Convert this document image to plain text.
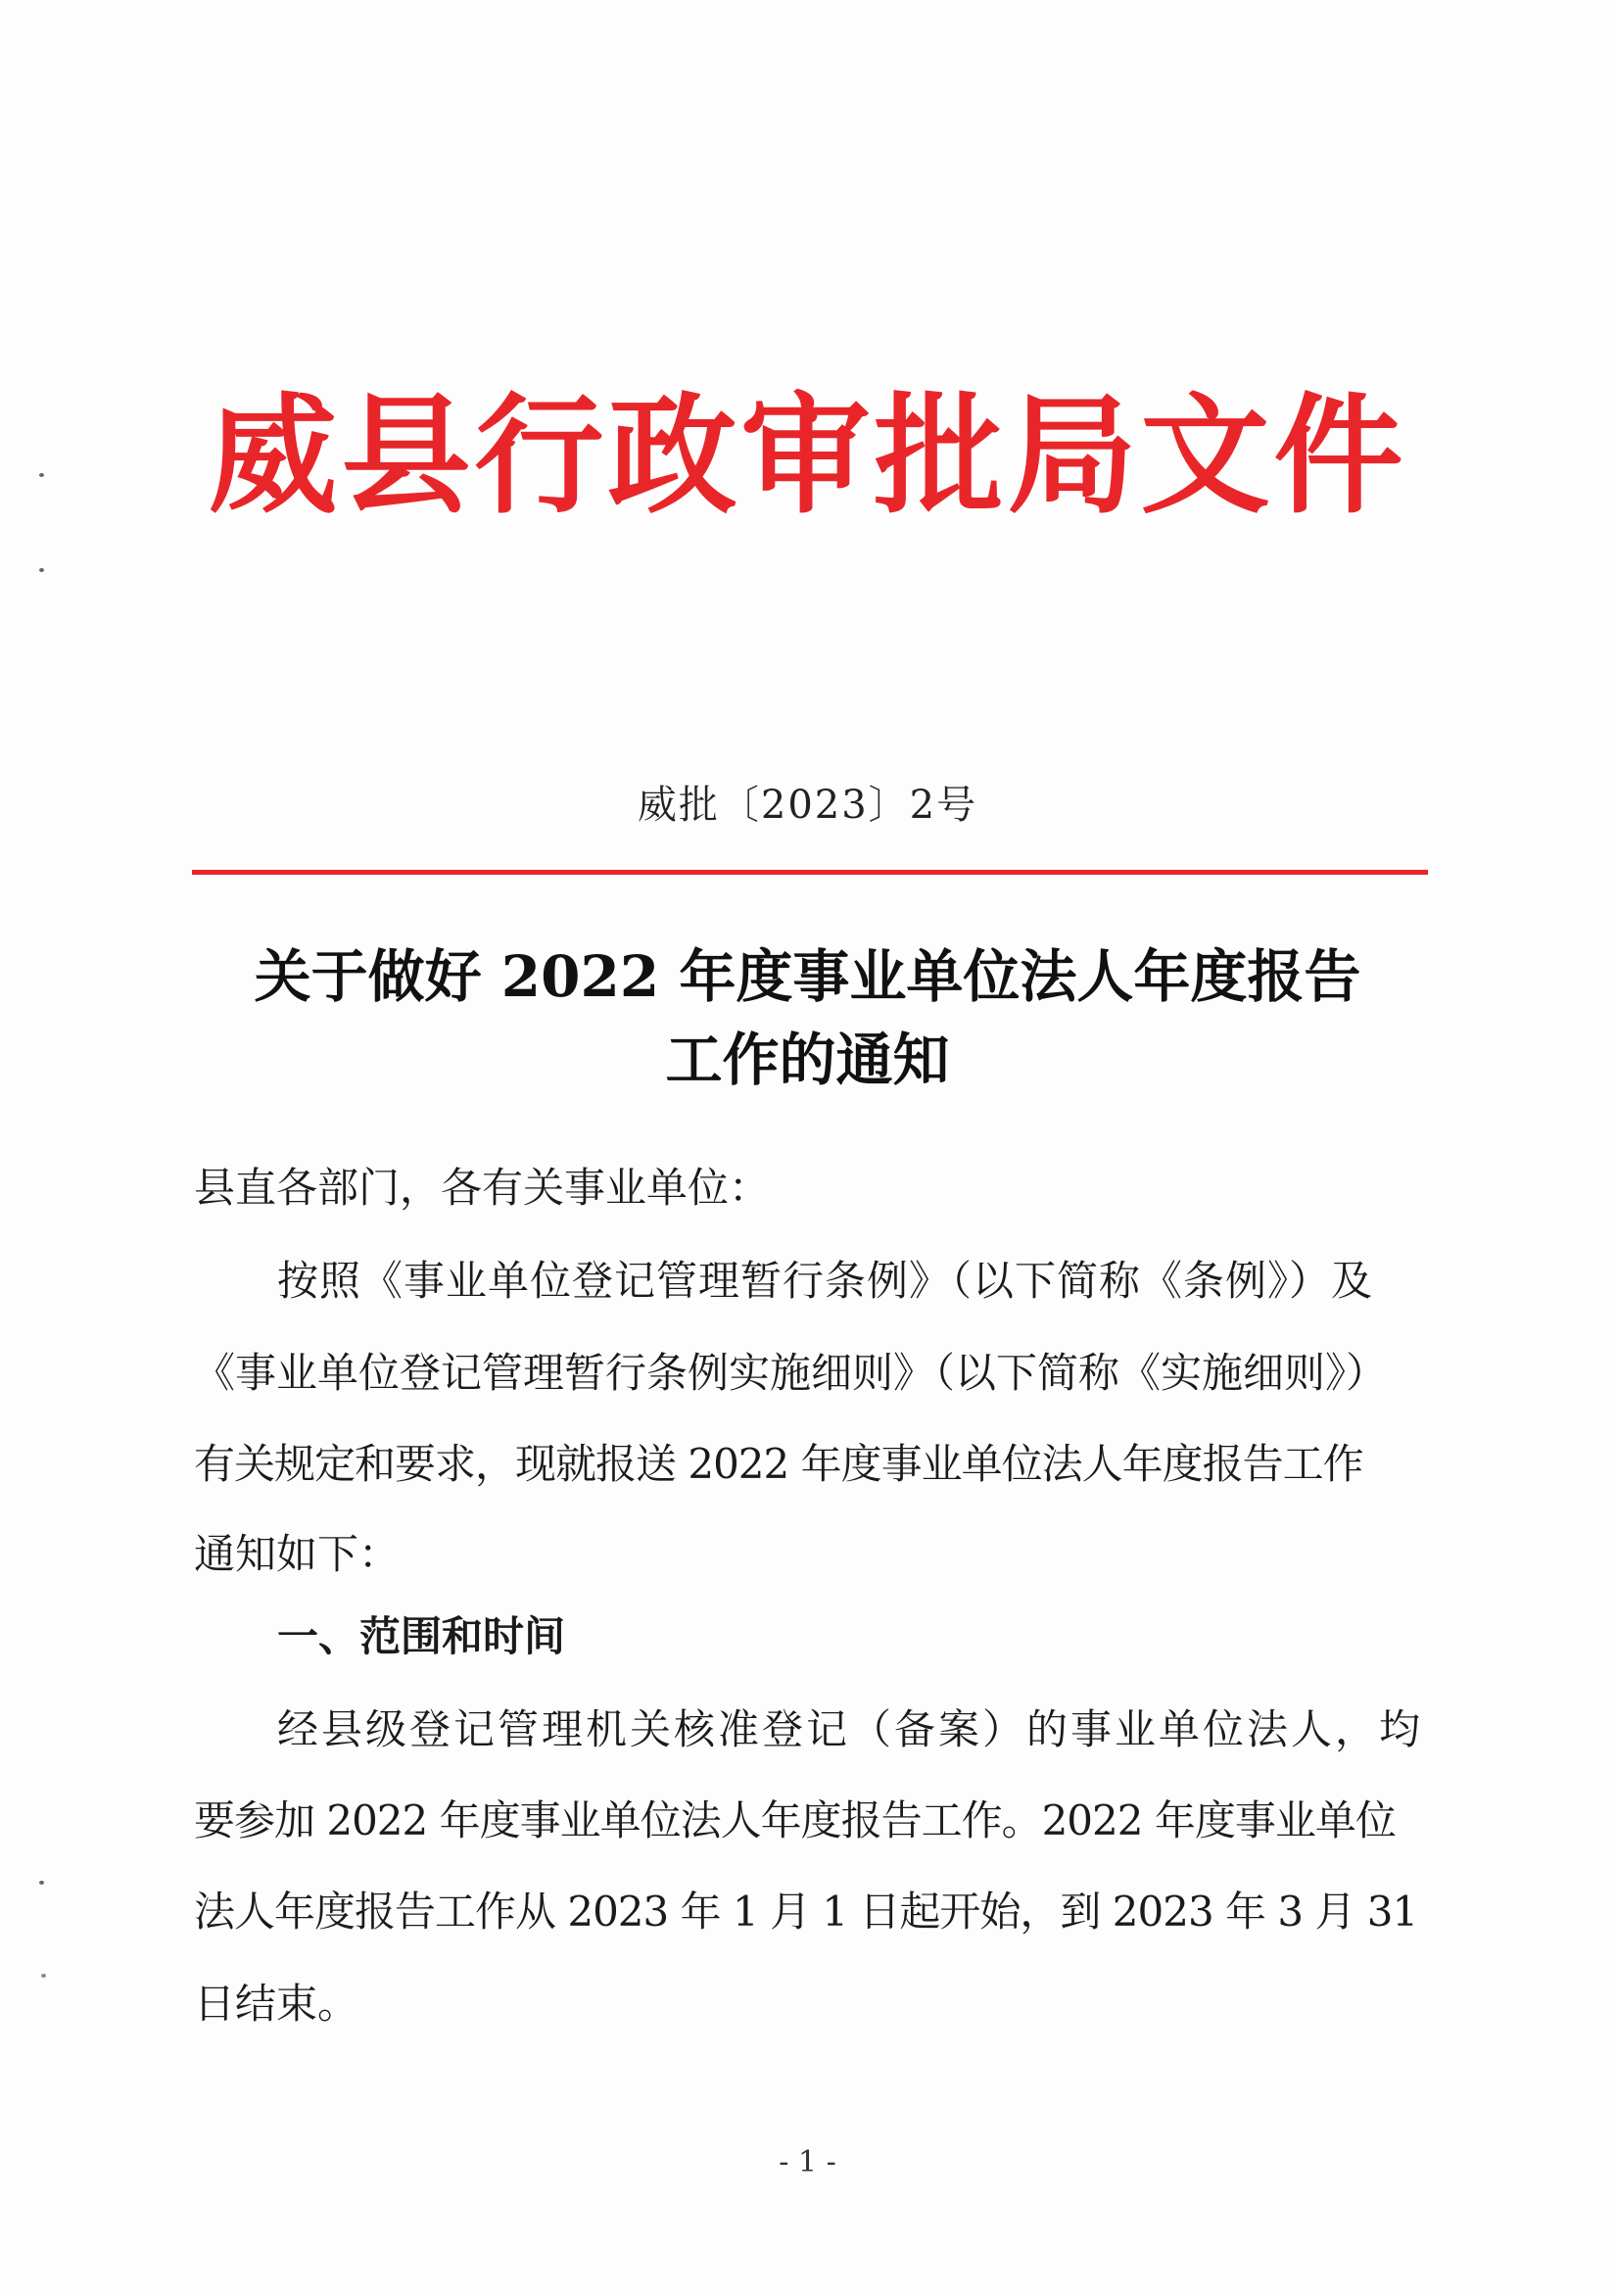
威县行政审批局文件
威批〔2023〕2号
关于做好 2022 年度事业单位法人年度报告
工作的通知
县直各部门，各有关事业单位：
按照《事业单位登记管理暂行条例》（以下简称《条例》）及
《事业单位登记管理暂行条例实施细则》（以下简称《实施细则》）
有关规定和要求，现就报送 2022 年度事业单位法人年度报告工作
通知如下：
一、范围和时间
经县级登记管理机关核准登记（备案）的事业单位法人，均
要参加 2022 年度事业单位法人年度报告工作。2022 年度事业单位
法人年度报告工作从 2023 年 1 月 1 日起开始，到 2023 年 3 月 31
日结束。
- 1 -
